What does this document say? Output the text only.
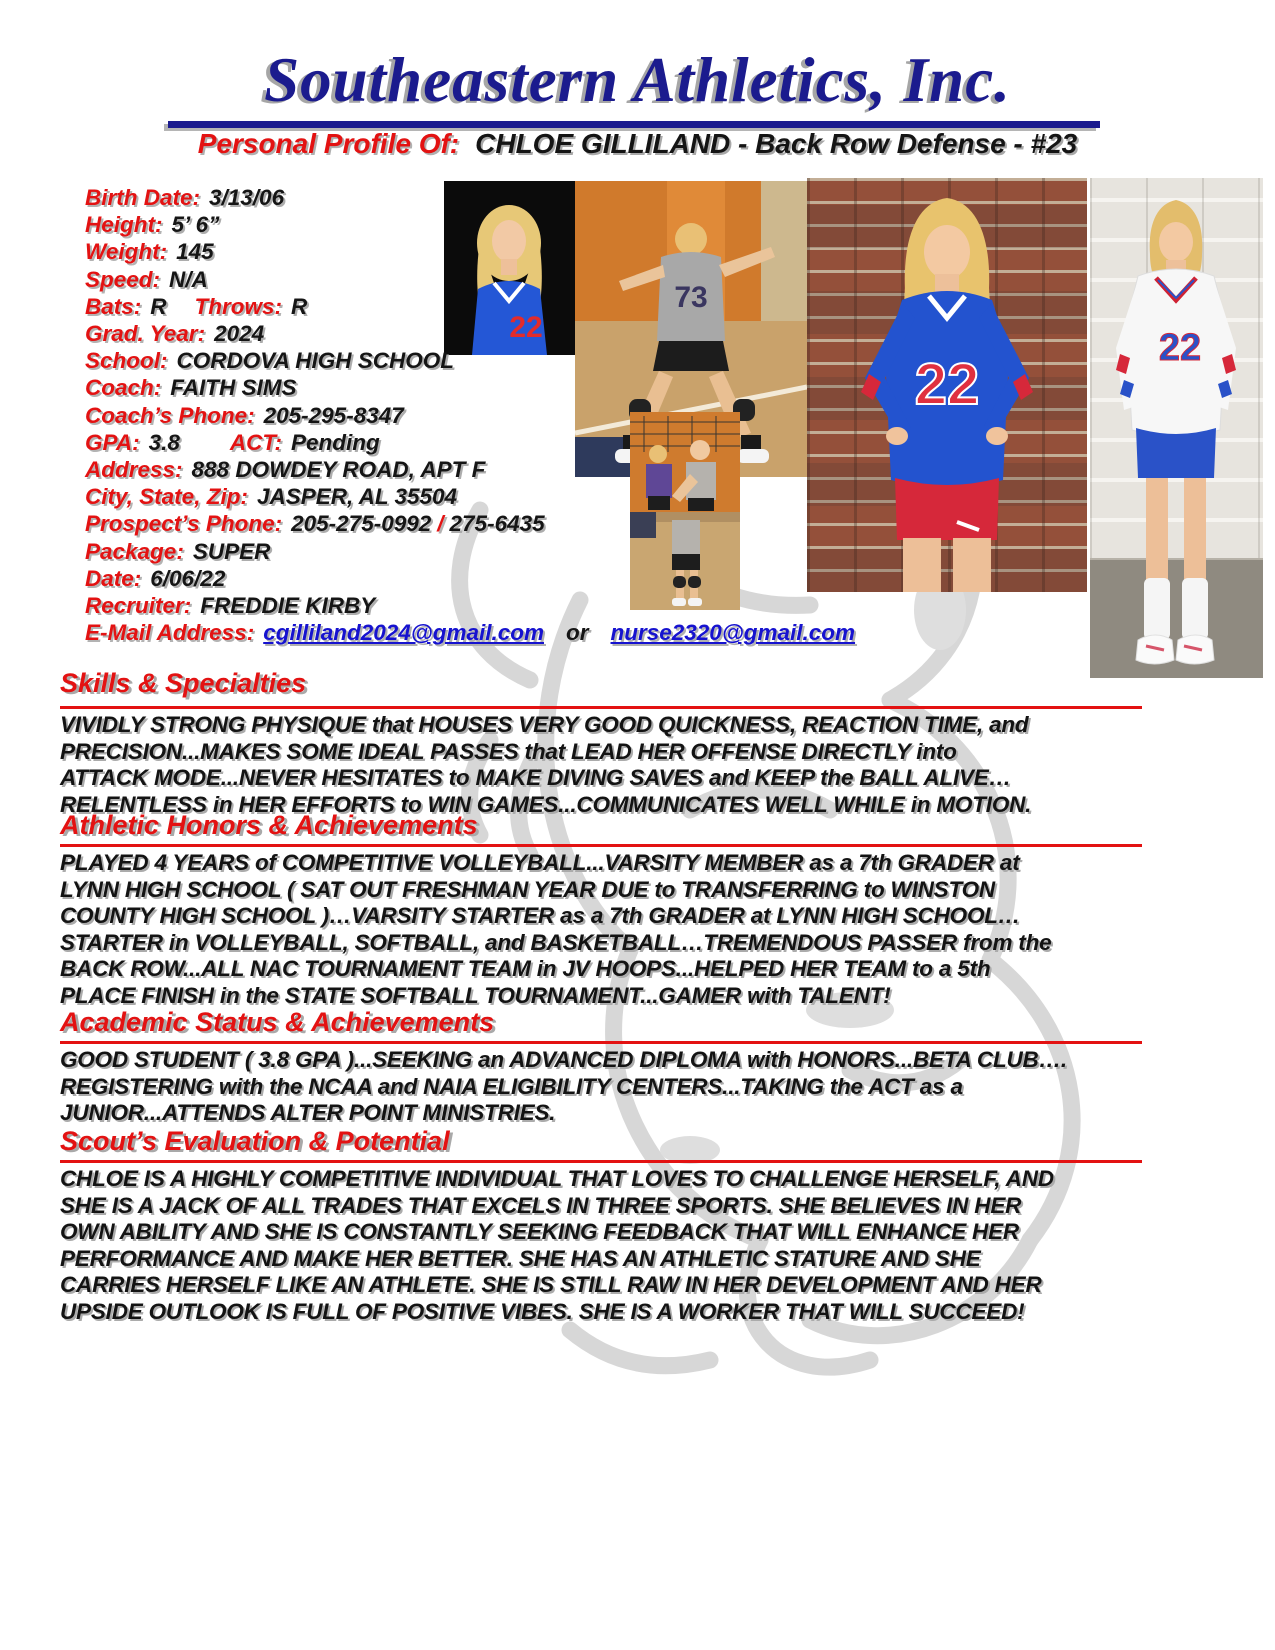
Southeastern Athletics, Inc.
Personal Profile Of: CHLOE GILLILAND - Back Row Defense - #23
Birth Date: 3/13/06
Height: 5’ 6”
Weight: 145
Speed: N/A
Bats: R Throws: R
Grad. Year: 2024
School: CORDOVA HIGH SCHOOL
Coach: FAITH SIMS
Coach’s Phone: 205-295-8347
GPA: 3.8 ACT: Pending
Address: 888 DOWDEY ROAD, APT F
City, State, Zip: JASPER, AL 35504
Prospect’s Phone: 205-275-0992 / 275-6435
Package: SUPER
Date: 6/06/22
Recruiter: FREDDIE KIRBY
E-Mail Address: cgilliland2024@gmail.com or nurse2320@gmail.com
22
73
22
22
Skills & Specialties
VIVIDLY STRONG PHYSIQUE that HOUSES VERY GOOD QUICKNESS, REACTION TIME, and
PRECISION...MAKES SOME IDEAL PASSES that LEAD HER OFFENSE DIRECTLY into
ATTACK MODE...NEVER HESITATES to MAKE DIVING SAVES and KEEP the BALL ALIVE…
RELENTLESS in HER EFFORTS to WIN GAMES...COMMUNICATES WELL WHILE in MOTION.
Athletic Honors & Achievements
PLAYED 4 YEARS of COMPETITIVE VOLLEYBALL...VARSITY MEMBER as a 7th GRADER at
LYNN HIGH SCHOOL ( SAT OUT FRESHMAN YEAR DUE to TRANSFERRING to WINSTON
COUNTY HIGH SCHOOL )…VARSITY STARTER as a 7th GRADER at LYNN HIGH SCHOOL…
STARTER in VOLLEYBALL, SOFTBALL, and BASKETBALL…TREMENDOUS PASSER from the
BACK ROW...ALL NAC TOURNAMENT TEAM in JV HOOPS...HELPED HER TEAM to a 5th
PLACE FINISH in the STATE SOFTBALL TOURNAMENT...GAMER with TALENT!
Academic Status & Achievements
GOOD STUDENT ( 3.8 GPA )...SEEKING an ADVANCED DIPLOMA with HONORS...BETA CLUB….
REGISTERING with the NCAA and NAIA ELIGIBILITY CENTERS...TAKING the ACT as a
JUNIOR...ATTENDS ALTER POINT MINISTRIES.
Scout’s Evaluation & Potential
CHLOE IS A HIGHLY COMPETITIVE INDIVIDUAL THAT LOVES TO CHALLENGE HERSELF, AND
SHE IS A JACK OF ALL TRADES THAT EXCELS IN THREE SPORTS. SHE BELIEVES IN HER
OWN ABILITY AND SHE IS CONSTANTLY SEEKING FEEDBACK THAT WILL ENHANCE HER
PERFORMANCE AND MAKE HER BETTER. SHE HAS AN ATHLETIC STATURE AND SHE
CARRIES HERSELF LIKE AN ATHLETE. SHE IS STILL RAW IN HER DEVELOPMENT AND HER
UPSIDE OUTLOOK IS FULL OF POSITIVE VIBES. SHE IS A WORKER THAT WILL SUCCEED!
